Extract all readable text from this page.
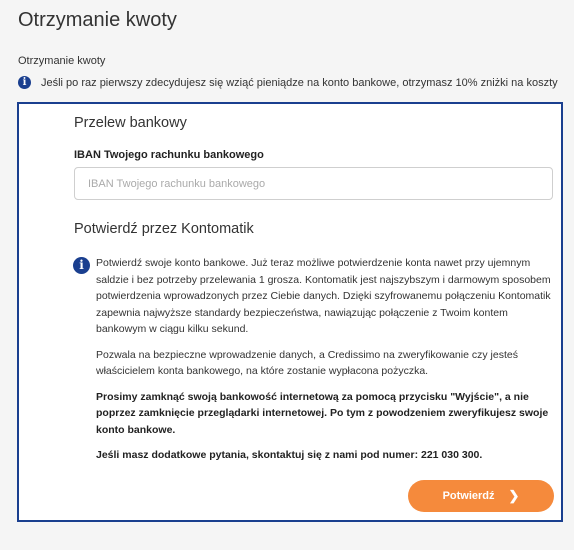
Otrzymanie kwoty
Otrzymanie kwoty
i	Jeśli po raz pierwszy zdecydujesz się wziąć pieniądze na konto bankowe, otrzymasz 10% zniżki na koszty
Przelew bankowy
IBAN Twojego rachunku bankowego
IBAN Twojego rachunku bankowego
Potwierdź przez Kontomatik
i	Potwierdź swoje konto bankowe. Już teraz możliwe potwierdzenie konta nawet przy ujemnym saldzie i bez potrzeby przelewania 1 grosza. Kontomatik jest najszybszym i darmowym sposobem potwierdzenia wprowadzonych przez Ciebie danych. Dzięki szyfrowanemu połączeniu Kontomatik zapewnia najwyższe standardy bezpieczeństwa, nawiązując połączenie z Twoim kontem bankowym w ciągu kilku sekund.

Pozwala na bezpieczne wprowadzenie danych, a Credissimo na zweryfikowanie czy jesteś właścicielem konta bankowego, na które zostanie wypłacona pożyczka.

Prosimy zamknąć swoją bankowość internetową za pomocą przycisku "Wyjście", a nie poprzez zamknięcie przeglądarki internetowej. Po tym z powodzeniem zweryfikujesz swoje konto bankowe.

Jeśli masz dodatkowe pytania, skontaktuj się z nami pod numer: 221 030 300.

Potwierdź ❯
